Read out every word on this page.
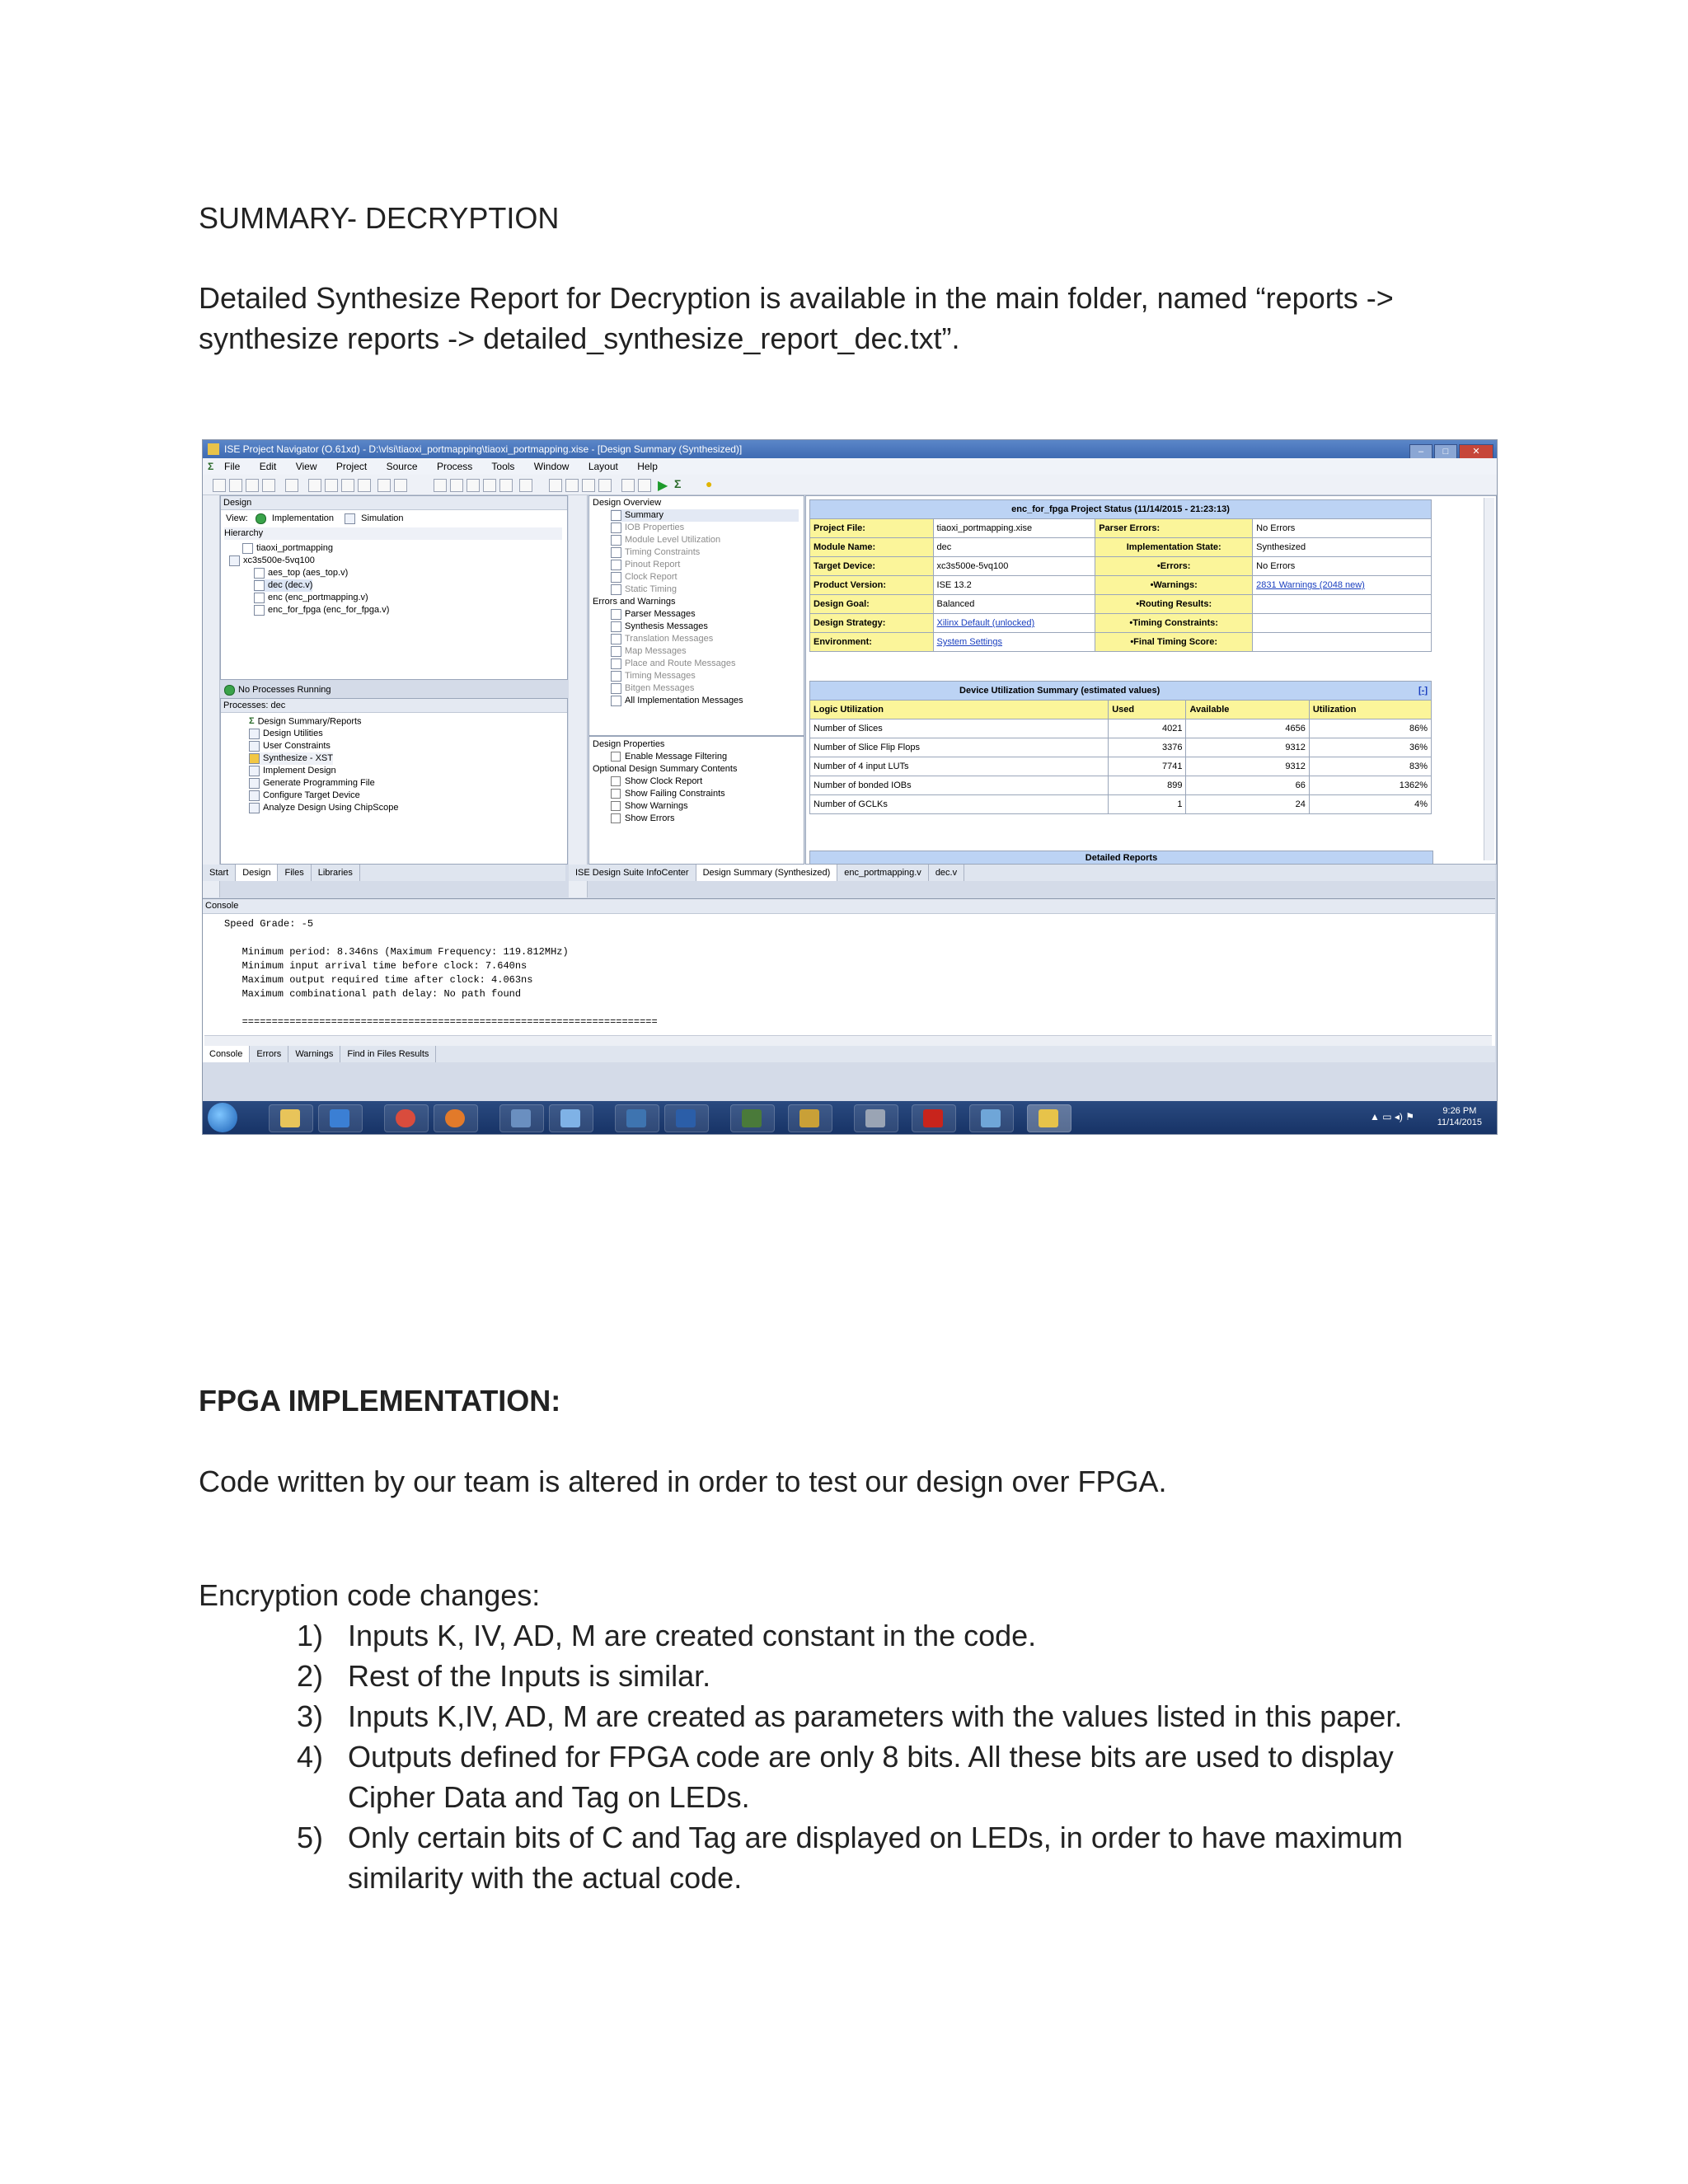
SUMMARY- DECRYPTION
Detailed Synthesize Report for Decryption is available in the main folder, named “reports ->
synthesize reports -> detailed_synthesize_report_dec.txt”.
ISE Project Navigator (O.61xd) - D:\vlsi\tiaoxi_portmapping\tiaoxi_portmapping.xise - [Design Summary (Synthesized)]	– □	✕
Σ File Edit View Project Source Process Tools Window Layout Help
▶ Σ ●
Design
View:	Implementation	Simulation
Hierarchy
tiaoxi_portmapping
xc3s500e-5vq100
aes_top (aes_top.v)
dec (dec.v)
enc (enc_portmapping.v)
enc_for_fpga (enc_for_fpga.v)
No Processes Running
Processes: dec
Σ Design Summary/Reports
Design Utilities
User Constraints
Synthesize - XST
Implement Design
Generate Programming File
Configure Target Device
Analyze Design Using ChipScope
Design Overview
Summary
IOB Properties
Module Level Utilization
Timing Constraints
Pinout Report
Clock Report
Static Timing
Errors and Warnings
Parser Messages
Synthesis Messages
Translation Messages
Map Messages
Place and Route Messages
Timing Messages
Bitgen Messages
All Implementation Messages
Design Properties
Enable Message Filtering
Optional Design Summary Contents
Show Clock Report
Show Failing Constraints
Show Warnings
Show Errors
enc_for_fpga Project Status (11/14/2015 - 21:23:13)			
Project File:	tiaoxi_portmapping.xise	Parser Errors:	No Errors
Module Name:	dec	Implementation State:	Synthesized
Target Device:	xc3s500e-5vq100	•Errors:	No Errors
Product Version:	ISE 13.2	•Warnings:	2831 Warnings (2048 new)
Design Goal:	Balanced	•Routing Results:	
Design Strategy:	Xilinx Default (unlocked)	•Timing Constraints:	
Environment:	System Settings	•Final Timing Score:	
Device Utilization Summary (estimated values)			[-]
Logic Utilization	Used	Available	Utilization
Number of Slices	4021	4656	86%
Number of Slice Flip Flops	3376	9312	36%
Number of 4 input LUTs	7741	9312	83%
Number of bonded IOBs	899	66	1362%
Number of GCLKs	1	24	4%
Detailed Reports
Start Design Files Libraries	ISE Design Suite InfoCenter Design Summary (Synthesized) enc_portmapping.v dec.v
Console
Speed Grade: -5

Minimum period: 8.346ns (Maximum Frequency: 119.812MHz)
Minimum input arrival time before clock: 7.640ns
Maximum output required time after clock: 4.063ns
Maximum combinational path delay: No path found

======================================================================
Console Errors Warnings Find in Files Results
▲ ▭ ◂) ⚑	9:26 PM
11/14/2015
FPGA IMPLEMENTATION:
Code written by our team is altered in order to test our design over FPGA.
Encryption code changes:
1) Inputs K, IV, AD, M are created constant in the code.
2) Rest of the Inputs is similar.
3) Inputs K,IV, AD, M are created as parameters with the values listed in this paper.
4) Outputs defined for FPGA code are only 8 bits. All these bits are used to display
Cipher Data and Tag on LEDs.
5) Only certain bits of C and Tag are displayed on LEDs, in order to have maximum
similarity with the actual code.
